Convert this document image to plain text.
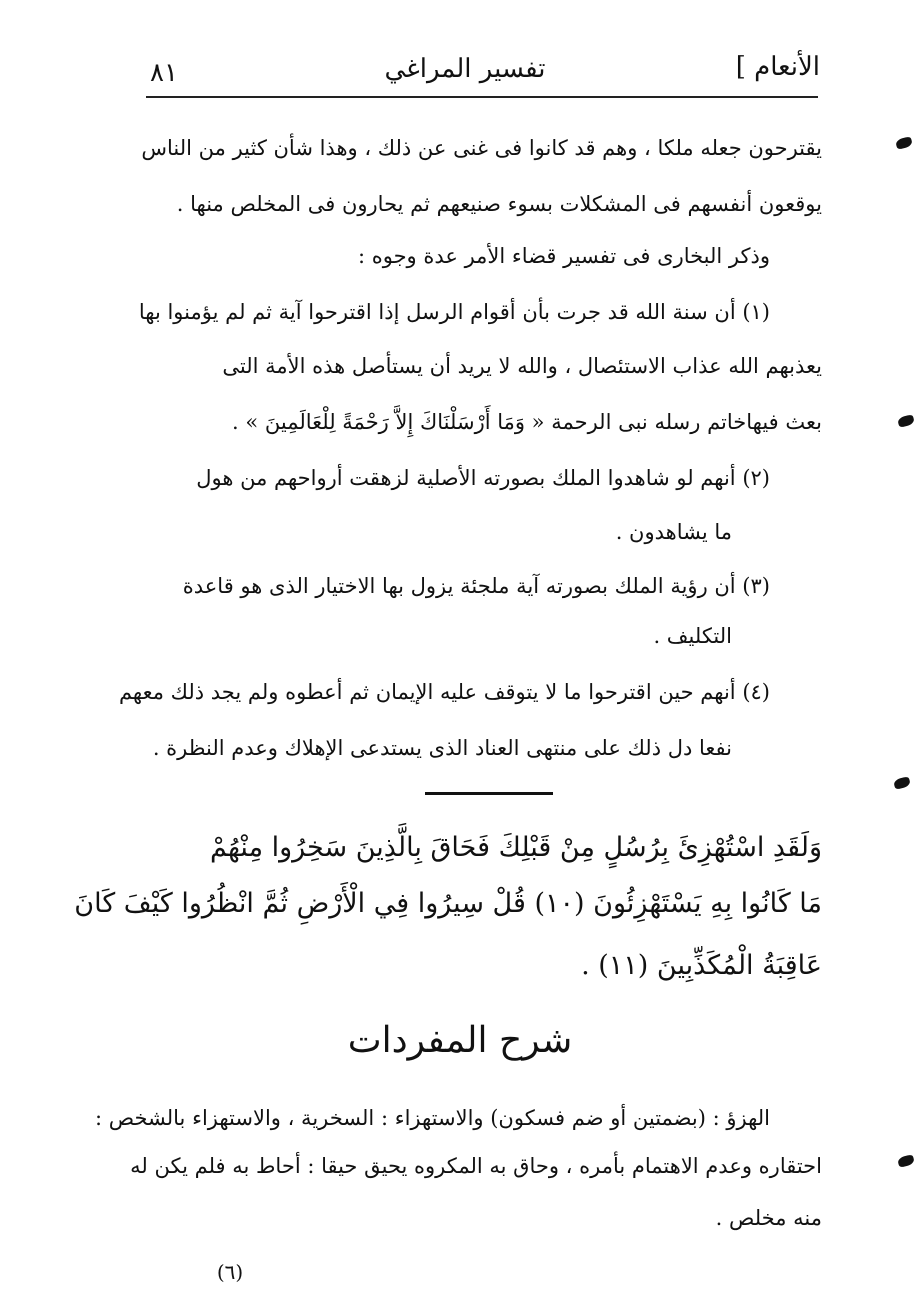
٨١	تفسير المراغي	الأنعام ]
يقترحون جعله ملكا ، وهم قد كانوا فى غنى عن ذلك ، وهذا شأن كثير من الناس
يوقعون أنفسهم فى المشكلات بسوء صنيعهم ثم يحارون فى المخلص منها .
وذكر البخارى فى تفسير قضاء الأمر عدة وجوه :
(١) أن سنة الله قد جرت بأن أقوام الرسل إذا اقترحوا آية ثم لم يؤمنوا بها
يعذبهم الله عذاب الاستئصال ، والله لا يريد أن يستأصل هذه الأمة التى
بعث فيهاخاتم رسله نبى الرحمة « وَمَا أَرْسَلْنَاكَ إِلاَّ رَحْمَةً لِلْعَالَمِينَ » .
(٢) أنهم لو شاهدوا الملك بصورته الأصلية لزهقت أرواحهم من هول
ما يشاهدون .
(٣) أن رؤية الملك بصورته آية ملجئة يزول بها الاختيار الذى هو قاعدة
التكليف .
(٤) أنهم حين اقترحوا ما لا يتوقف عليه الإيمان ثم أعطوه ولم يجد ذلك معهم
نفعا دل ذلك على منتهى العناد الذى يستدعى الإهلاك وعدم النظرة .
وَلَقَدِ اسْتُهْزِئَ بِرُسُلٍ مِنْ قَبْلِكَ فَحَاقَ بِالَّذِينَ سَخِرُوا مِنْهُمْ
مَا كَانُوا بِهِ يَسْتَهْزِئُونَ (١٠) قُلْ سِيرُوا فِي الْأَرْضِ ثُمَّ انْظُرُوا كَيْفَ كَانَ
عَاقِبَةُ الْمُكَذِّبِينَ (١١) .
شرح المفردات
الهزؤ : (بضمتين أو ضم فسكون) والاستهزاء : السخرية ، والاستهزاء بالشخص :
احتقاره وعدم الاهتمام بأمره ، وحاق به المكروه يحيق حيقا : أحاط به فلم يكن له
منه مخلص .
(٦)
